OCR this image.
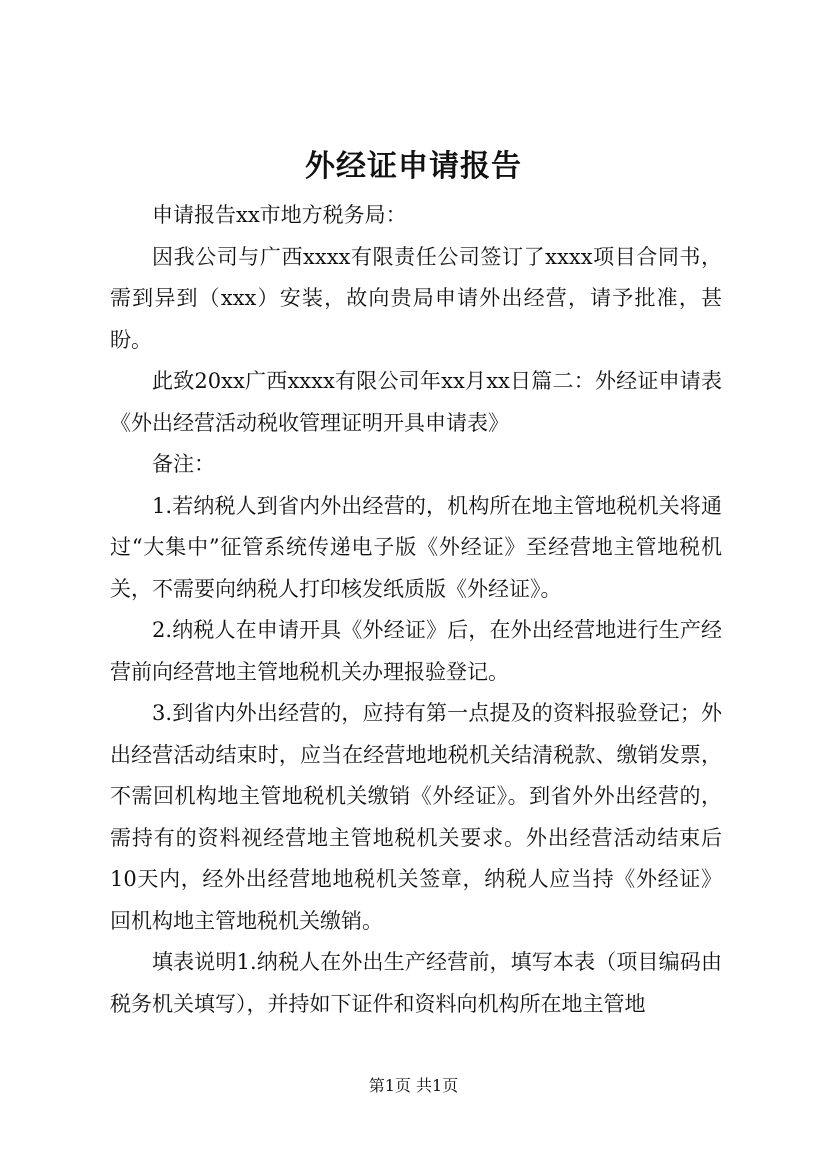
外经证申请报告

申请报告xx市地方税务局：

因我公司与广西xxxx有限责任公司签订了xxxx项目合同书，需到异到（xxx）安装，故向贵局申请外出经营，请予批准，甚盼。

此致20xx广西xxxx有限公司年xx月xx日篇二：外经证申请表《外出经营活动税收管理证明开具申请表》

备注：

1.若纳税人到省内外出经营的，机构所在地主管地税机关将通过“大集中”征管系统传递电子版《外经证》至经营地主管地税机关，不需要向纳税人打印核发纸质版《外经证》。

2.纳税人在申请开具《外经证》后，在外出经营地进行生产经营前向经营地主管地税机关办理报验登记。

3.到省内外出经营的，应持有第一点提及的资料报验登记；外出经营活动结束时，应当在经营地地税机关结清税款、缴销发票，不需回机构地主管地税机关缴销《外经证》。到省外外出经营的，需持有的资料视经营地主管地税机关要求。外出经营活动结束后10天内，经外出经营地地税机关签章，纳税人应当持《外经证》回机构地主管地税机关缴销。

填表说明1.纳税人在外出生产经营前，填写本表（项目编码由税务机关填写），并持如下证件和资料向机构所在地主管地

第1页 共1页
